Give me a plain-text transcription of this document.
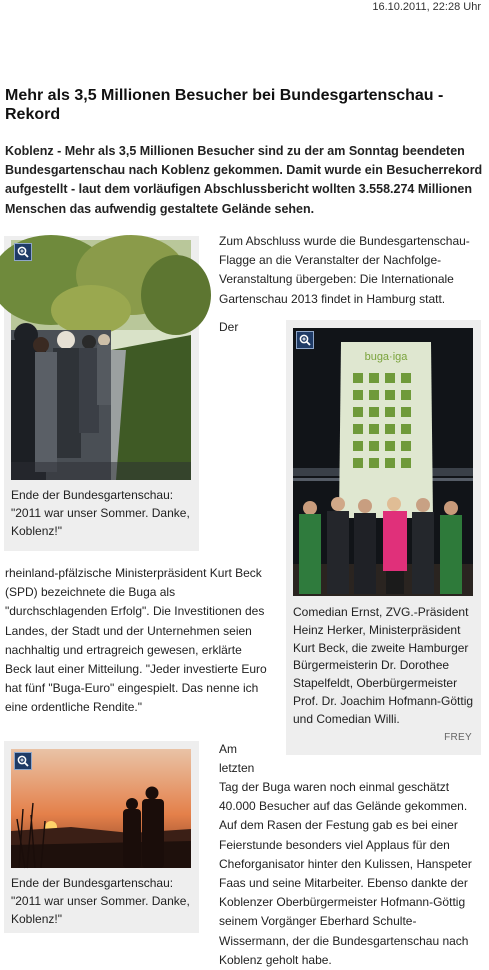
16.10.2011, 22:28 Uhr
Mehr als 3,5 Millionen Besucher bei Bundesgartenschau - Rekord

Koblenz - Mehr als 3,5 Millionen Besucher sind zu der am Sonntag beendeten Bundesgartenschau nach Koblenz gekommen. Damit wurde ein Besucherrekord aufgestellt - laut dem vorläufigen Abschlussbericht wollten 3.558.274 Millionen Menschen das aufwendig gestaltete Gelände sehen.

Ende der Bundesgartenschau: "2011 war unser Sommer. Danke, Koblenz!"

Zum Abschluss wurde die Bundesgartenschau-Flagge an die Veranstalter der Nachfolge-Veranstaltung übergeben: Die Internationale Gartenschau 2013 findet in Hamburg statt.

Der

buga·iga
Comedian Ernst, ZVG.-Präsident Heinz Herker, Ministerpräsident Kurt Beck, die zweite Hamburger Bürgermeisterin Dr. Dorothee Stapelfeldt, Oberbürgermeister Prof. Dr. Joachim Hofmann-Göttig und Comedian Willi.
FREY

rheinland-pfälzische Ministerpräsident Kurt Beck (SPD) bezeichnete die Buga als "durchschlagenden Erfolg". Die Investitionen des Landes, der Stadt und der Unternehmen seien nachhaltig und ertragreich gewesen, erklärte Beck laut einer Mitteilung. "Jeder investierte Euro hat fünf "Buga-Euro" eingespielt. Das nenne ich eine ordentliche Rendite."

Ende der Bundesgartenschau: "2011 war unser Sommer. Danke, Koblenz!"

Am

letzten

Tag der Buga waren noch einmal geschätzt 40.000 Besucher auf das Gelände gekommen. Auf dem Rasen der Festung gab es bei einer Feierstunde besonders viel Applaus für den Cheforganisator hinter den Kulissen, Hanspeter Faas und seine Mitarbeiter. Ebenso dankte der Koblenzer Oberbürgermeister Hofmann-Göttig seinem Vorgänger Eberhard Schulte-Wissermann, der die Bundesgartenschau nach Koblenz geholt habe.
